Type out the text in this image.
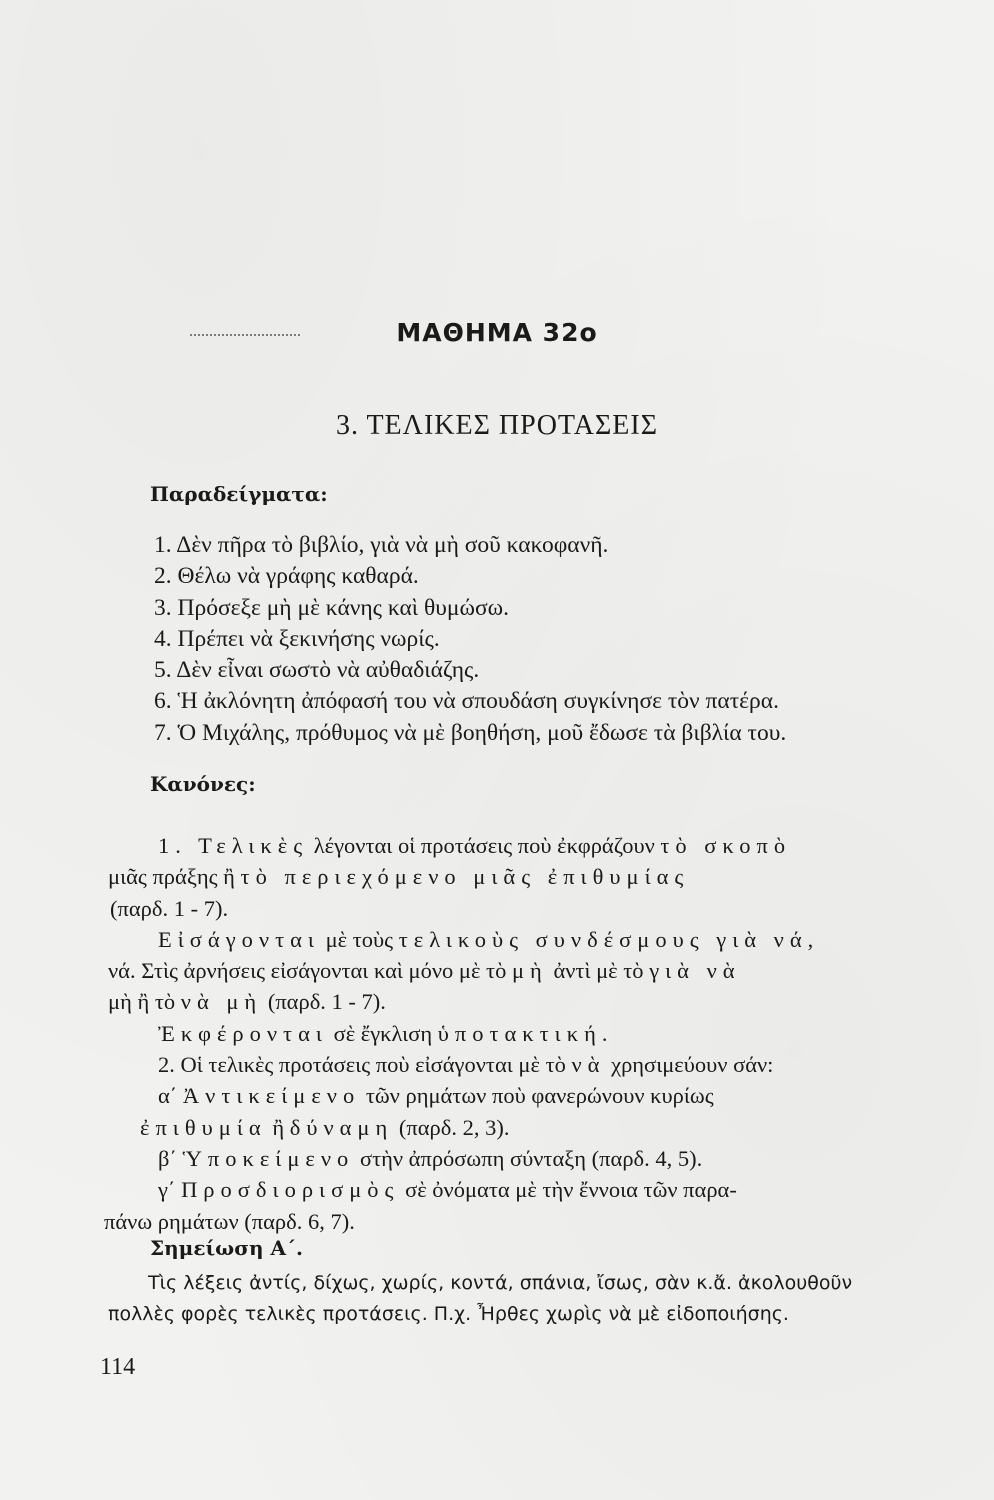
ΜΑΘΗΜΑ 32ο
3. ΤΕΛΙΚΕΣ ΠΡΟΤΑΣΕΙΣ
Παραδείγματα:
1. Δὲν πῆρα τὸ βιβλίο, γιὰ νὰ μὴ σοῦ κακοφανῆ.
2. Θέλω νὰ γράφης καθαρά.
3. Πρόσεξε μὴ μὲ κάνης καὶ θυμώσω.
4. Πρέπει νὰ ξεκινήσης νωρίς.
5. Δὲν εἶναι σωστὸ νὰ αὐθαδιάζης.
6. Ἡ ἀκλόνητη ἀπόφασή του νὰ σπουδάση συγκίνησε τὸν πατέρα.
7. Ὁ Μιχάλης, πρόθυμος νὰ μὲ βοηθήση, μοῦ ἔδωσε τὰ βιβλία του.
Κανόνες:
1. Τελικὲς λέγονται οἱ προτάσεις ποὺ ἐκφράζουν τὸ σκοπὸ
μιᾶς πράξης ἢ τὸ περιεχόμενο μιᾶς ἐπιθυμίας
(παρδ. 1 - 7).
Εἰσάγονται μὲ τοὺς τελικοὺς συνδέσμους γιὰ νά,
νά. Στὶς ἀρνήσεις εἰσάγονται καὶ μόνο μὲ τὸ μὴ ἀντὶ μὲ τὸ γιὰ νὰ
μὴ ἢ τὸ νὰ μὴ (παρδ. 1 - 7).
Ἐκφέρονται σὲ ἔγκλιση ὑποτακτική.
2. Οἱ τελικὲς προτάσεις ποὺ εἰσάγονται μὲ τὸ νὰ χρησιμεύουν σάν:
α΄ Ἀντικείμενο τῶν ρημάτων ποὺ φανερώνουν κυρίως
ἐπιθυμία ἢ δύναμη (παρδ. 2, 3).
β΄ Ὑποκείμενο στὴν ἀπρόσωπη σύνταξη (παρδ. 4, 5).
γ΄ Προσδιορισμὸς σὲ ὀνόματα μὲ τὴν ἔννοια τῶν παρα-
πάνω ρημάτων (παρδ. 6, 7).
Σημείωση Α΄.
Τὶς λέξεις ἀντίς, δίχως, χωρίς, κοντά, σπάνια, ἴσως, σὰν κ.ἄ. ἀκολουθοῦν
πολλὲς φορὲς τελικὲς προτάσεις. Π.χ. Ἦρθες χωρὶς νὰ μὲ εἰδοποιήσης.
114
